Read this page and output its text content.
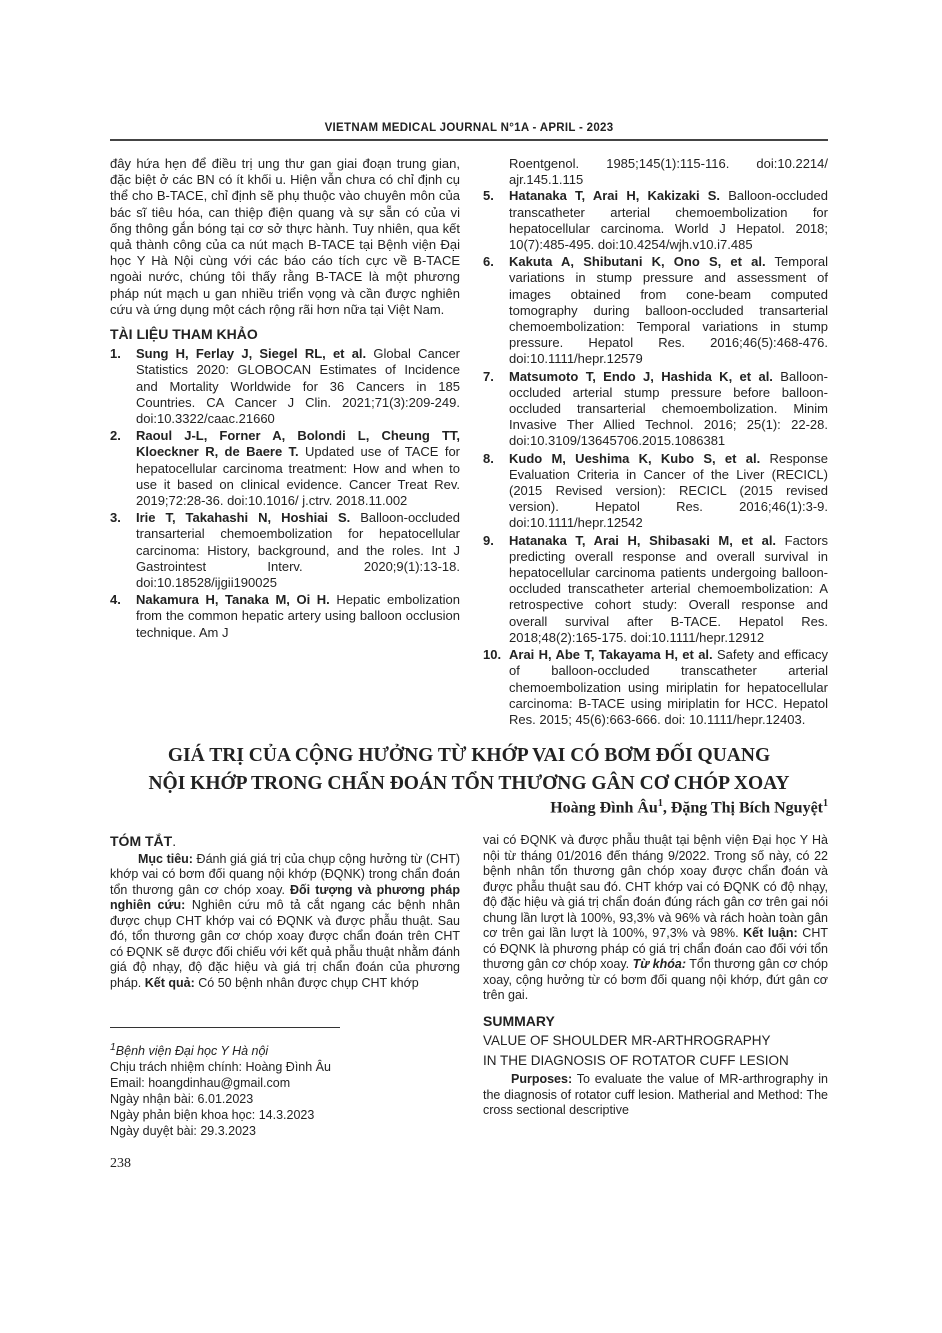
VIETNAM MEDICAL JOURNAL N°1A - APRIL - 2023

đây hứa hẹn để điều trị ung thư gan giai đoạn trung gian, đặc biệt ở các BN có ít khối u. Hiện vẫn chưa có chỉ định cụ thể cho B-TACE, chỉ định sẽ phụ thuộc vào chuyên môn của bác sĩ tiêu hóa, can thiệp điện quang và sự sẵn có của vi ống thông gắn bóng tại cơ sở thực hành. Tuy nhiên, qua kết quả thành công của ca nút mạch B-TACE tại Bệnh viện Đại học Y Hà Nội cùng với các báo cáo tích cực về B-TACE ngoài nước, chúng tôi thấy rằng B-TACE là một phương pháp nút mạch u gan nhiều triển vọng và cần được nghiên cứu và ứng dụng một cách rộng rãi hơn nữa tại Việt Nam.

TÀI LIỆU THAM KHẢO
1.	Sung H, Ferlay J, Siegel RL, et al. Global Cancer Statistics 2020: GLOBOCAN Estimates of Incidence and Mortality Worldwide for 36 Cancers in 185 Countries. CA Cancer J Clin. 2021;71(3):209-249. doi:10.3322/caac.21660
2.	Raoul J-L, Forner A, Bolondi L, Cheung TT, Kloeckner R, de Baere T. Updated use of TACE for hepatocellular carcinoma treatment: How and when to use it based on clinical evidence. Cancer Treat Rev. 2019;72:28-36. doi:10.1016/ j.ctrv. 2018.11.002
3.	Irie T, Takahashi N, Hoshiai S. Balloon-occluded transarterial chemoembolization for hepatocellular carcinoma: History, background, and the roles. Int J Gastrointest Interv. 2020;9(1):13-18. doi:10.18528/ijgii190025
4.	Nakamura H, Tanaka M, Oi H. Hepatic embolization from the common hepatic artery using balloon occlusion technique. Am J
Roentgenol. 1985;145(1):115-116. doi:10.2214/ ajr.145.1.115
5.	Hatanaka T, Arai H, Kakizaki S. Balloon-occluded transcatheter arterial chemoembolization for hepatocellular carcinoma. World J Hepatol. 2018; 10(7):485-495. doi:10.4254/wjh.v10.i7.485
6.	Kakuta A, Shibutani K, Ono S, et al. Temporal variations in stump pressure and assessment of images obtained from cone-beam computed tomography during balloon-occluded transarterial chemoembolization: Temporal variations in stump pressure. Hepatol Res. 2016;46(5):468-476. doi:10.1111/hepr.12579
7.	Matsumoto T, Endo J, Hashida K, et al. Balloon-occluded arterial stump pressure before balloon-occluded transarterial chemoembolization. Minim Invasive Ther Allied Technol. 2016; 25(1): 22-28. doi:10.3109/13645706.2015.1086381
8.	Kudo M, Ueshima K, Kubo S, et al. Response Evaluation Criteria in Cancer of the Liver (RECICL) (2015 Revised version): RECICL (2015 revised version). Hepatol Res. 2016;46(1):3-9. doi:10.1111/hepr.12542
9.	Hatanaka T, Arai H, Shibasaki M, et al. Factors predicting overall response and overall survival in hepatocellular carcinoma patients undergoing balloon-occluded transcatheter arterial chemoembolization: A retrospective cohort study: Overall response and overall survival after B-TACE. Hepatol Res. 2018;48(2):165-175. doi:10.1111/hepr.12912
10. Arai H, Abe T, Takayama H, et al. Safety and efficacy of balloon-occluded transcatheter arterial chemoembolization using miriplatin for hepatocellular carcinoma: B-TACE using miriplatin for HCC. Hepatol Res. 2015; 45(6):663-666. doi: 10.1111/hepr.12403.
GIÁ TRỊ CỦA CỘNG HƯỞNG TỪ KHỚP VAI CÓ BƠM ĐỐI QUANG
NỘI KHỚP TRONG CHẨN ĐOÁN TỔN THƯƠNG GÂN CƠ CHÓP XOAY
Hoàng Đình $Âu^1$, Đặng Thị Bích Nguyệt$^1$
TÓM TẮT.

Mục tiêu: Đánh giá giá trị của chụp cộng hưởng từ (CHT) khớp vai có bơm đối quang nội khớp (ĐQNK) trong chẩn đoán tổn thương gân cơ chóp xoay. Đối tượng và phương pháp nghiên cứu: Nghiên cứu mô tả cắt ngang các bệnh nhân được chụp CHT khớp vai có ĐQNK và được phẫu thuật. Sau đó, tổn thương gân cơ chóp xoay được chẩn đoán trên CHT có ĐQNK sẽ được đối chiếu với kết quả phẫu thuật nhằm đánh giá độ nhạy, độ đặc hiệu và giá trị chẩn đoán của phương pháp. Kết quả: Có 50 bệnh nhân được chụp CHT khớp

$^1$Bệnh viện Đại học Y Hà nội
Chịu trách nhiệm chính: Hoàng Đình Âu
Email: hoangdinhau@gmail.com
Ngày nhận bài: 6.01.2023
Ngày phản biện khoa học: 14.3.2023
Ngày duyệt bài: 29.3.2023

vai có ĐQNK và được phẫu thuật tại bệnh viện Đại học Y Hà nội từ tháng 01/2016 đến tháng 9/2022. Trong số này, có 22 bệnh nhân tổn thương gân chóp xoay được chẩn đoán và được phẫu thuật sau đó. CHT khớp vai có ĐQNK có độ nhạy, độ đặc hiệu và giá trị chẩn đoán đúng rách gân cơ trên gai nói chung lần lượt là 100%, 93,3% và 96% và rách hoàn toàn gân cơ trên gai lần lượt là 100%, 97,3% và 98%. Kết luận: CHT có ĐQNK là phương pháp có giá trị chẩn đoán cao đối với tổn thương gân cơ chóp xoay. Từ khóa: Tổn thương gân cơ chóp xoay, cộng hưởng từ có bơm đối quang nội khớp, đứt gân cơ trên gai.

SUMMARY
VALUE OF SHOULDER MR-ARTHROGRAPHY
IN THE DIAGNOSIS OF ROTATOR CUFF LESION

Purposes: To evaluate the value of MR-arthrography in the diagnosis of rotator cuff lesion. Matherial and Method: The cross sectional descriptive

238
